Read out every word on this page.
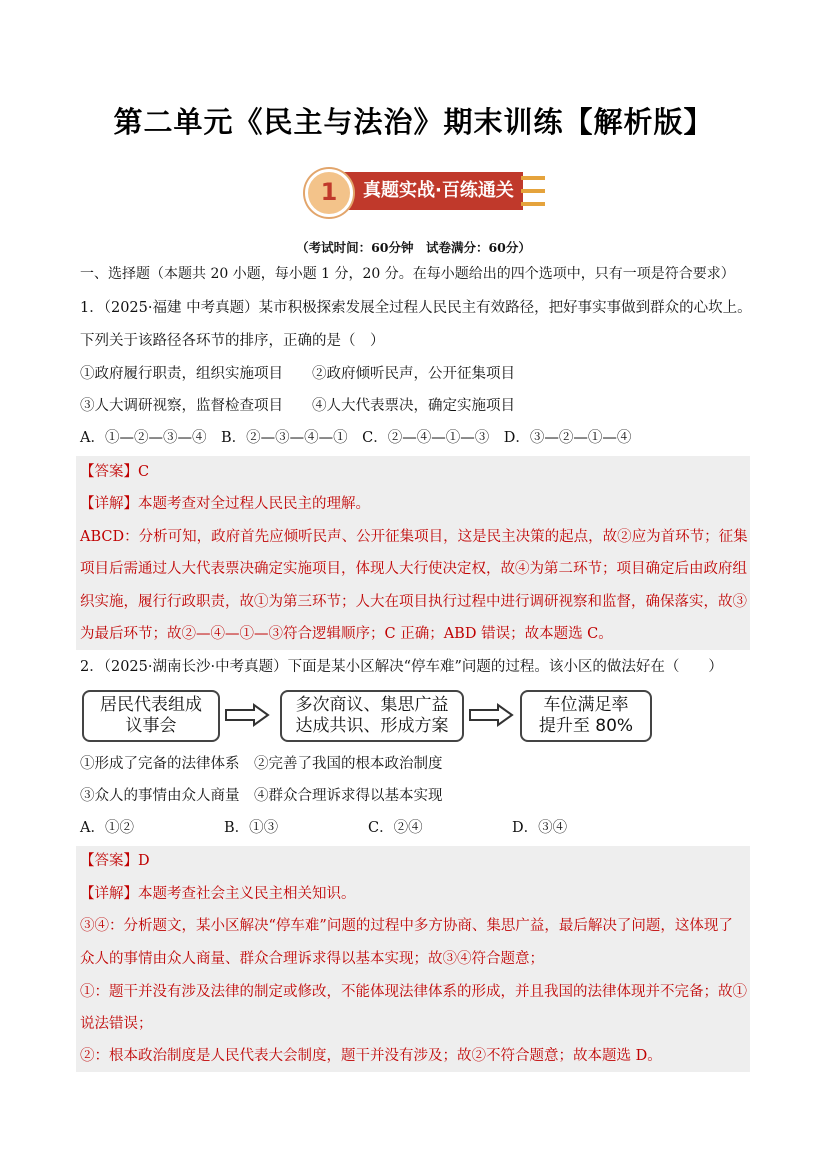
第二单元《民主与法治》期末训练【解析版】
1	真题实战·百练通关
（考试时间：60分钟　试卷满分：60分）
一、选择题（本题共 20 小题，每小题 1 分，20 分。在每小题给出的四个选项中，只有一项是符合要求）
1．（2025·福建 中考真题）某市积极探索发展全过程人民民主有效路径，把好事实事做到群众的心坎上。
下列关于该路径各环节的排序，正确的是（　）
①政府履行职责，组织实施项目　　②政府倾听民声，公开征集项目
③人大调研视察，监督检查项目　　④人大代表票决，确定实施项目
A．①—②—③—④　B．②—③—④—①　C．②—④—①—③　D．③—②—①—④
【答案】C
【详解】本题考查对全过程人民民主的理解。
ABCD：分析可知，政府首先应倾听民声、公开征集项目，这是民主决策的起点，故②应为首环节；征集
项目后需通过人大代表票决确定实施项目，体现人大行使决定权，故④为第二环节；项目确定后由政府组
织实施，履行行政职责，故①为第三环节；人大在项目执行过程中进行调研视察和监督，确保落实，故③
为最后环节；故②—④—①—③符合逻辑顺序；C 正确；ABD 错误；故本题选 C。
2．（2025·湖南长沙·中考真题）下面是某小区解决“停车难”问题的过程。该小区的做法好在（　　）
居民代表组成
议事会
多次商议、集思广益
达成共识、形成方案
车位满足率
提升至 80%
①形成了完备的法律体系　②完善了我国的根本政治制度
③众人的事情由众人商量　④群众合理诉求得以基本实现
A．①②	B．①③	C．②④	D．③④
【答案】D
【详解】本题考查社会主义民主相关知识。
③④：分析题文，某小区解决“停车难”问题的过程中多方协商、集思广益，最后解决了问题，这体现了
众人的事情由众人商量、群众合理诉求得以基本实现；故③④符合题意；
①：题干并没有涉及法律的制定或修改，不能体现法律体系的形成，并且我国的法律体现并不完备；故①
说法错误；
②：根本政治制度是人民代表大会制度，题干并没有涉及；故②不符合题意；故本题选 D。
